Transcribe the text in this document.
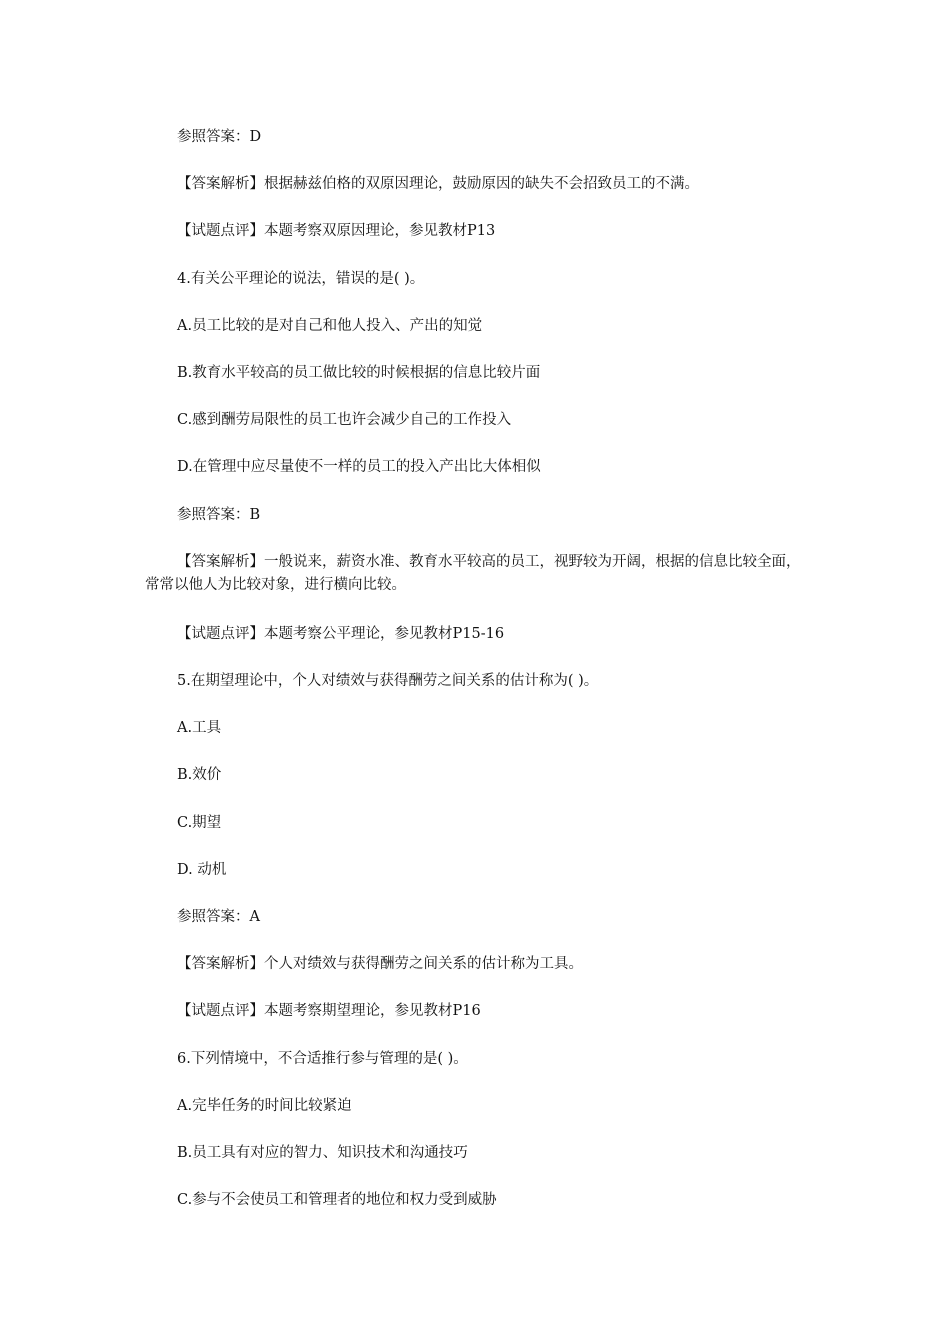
参照答案：D

【答案解析】根据赫兹伯格的双原因理论，鼓励原因的缺失不会招致员工的不满。

【试题点评】本题考察双原因理论，参见教材P13

4.有关公平理论的说法，错误的是( )。

A.员工比较的是对自己和他人投入、产出的知觉

B.教育水平较高的员工做比较的时候根据的信息比较片面

C.感到酬劳局限性的员工也许会减少自己的工作投入

D.在管理中应尽量使不一样的员工的投入产出比大体相似

参照答案：B

【答案解析】一般说来，薪资水准、教育水平较高的员工，视野较为开阔，根据的信息比较全面，常常以他人为比较对象，进行横向比较。

【试题点评】本题考察公平理论，参见教材P15-16

5.在期望理论中，个人对绩效与获得酬劳之间关系的估计称为( )。

A.工具

B.效价

C.期望

D. 动机

参照答案：A

【答案解析】个人对绩效与获得酬劳之间关系的估计称为工具。

【试题点评】本题考察期望理论，参见教材P16

6.下列情境中，不合适推行参与管理的是( )。

A.完毕任务的时间比较紧迫

B.员工具有对应的智力、知识技术和沟通技巧

C.参与不会使员工和管理者的地位和权力受到威胁
